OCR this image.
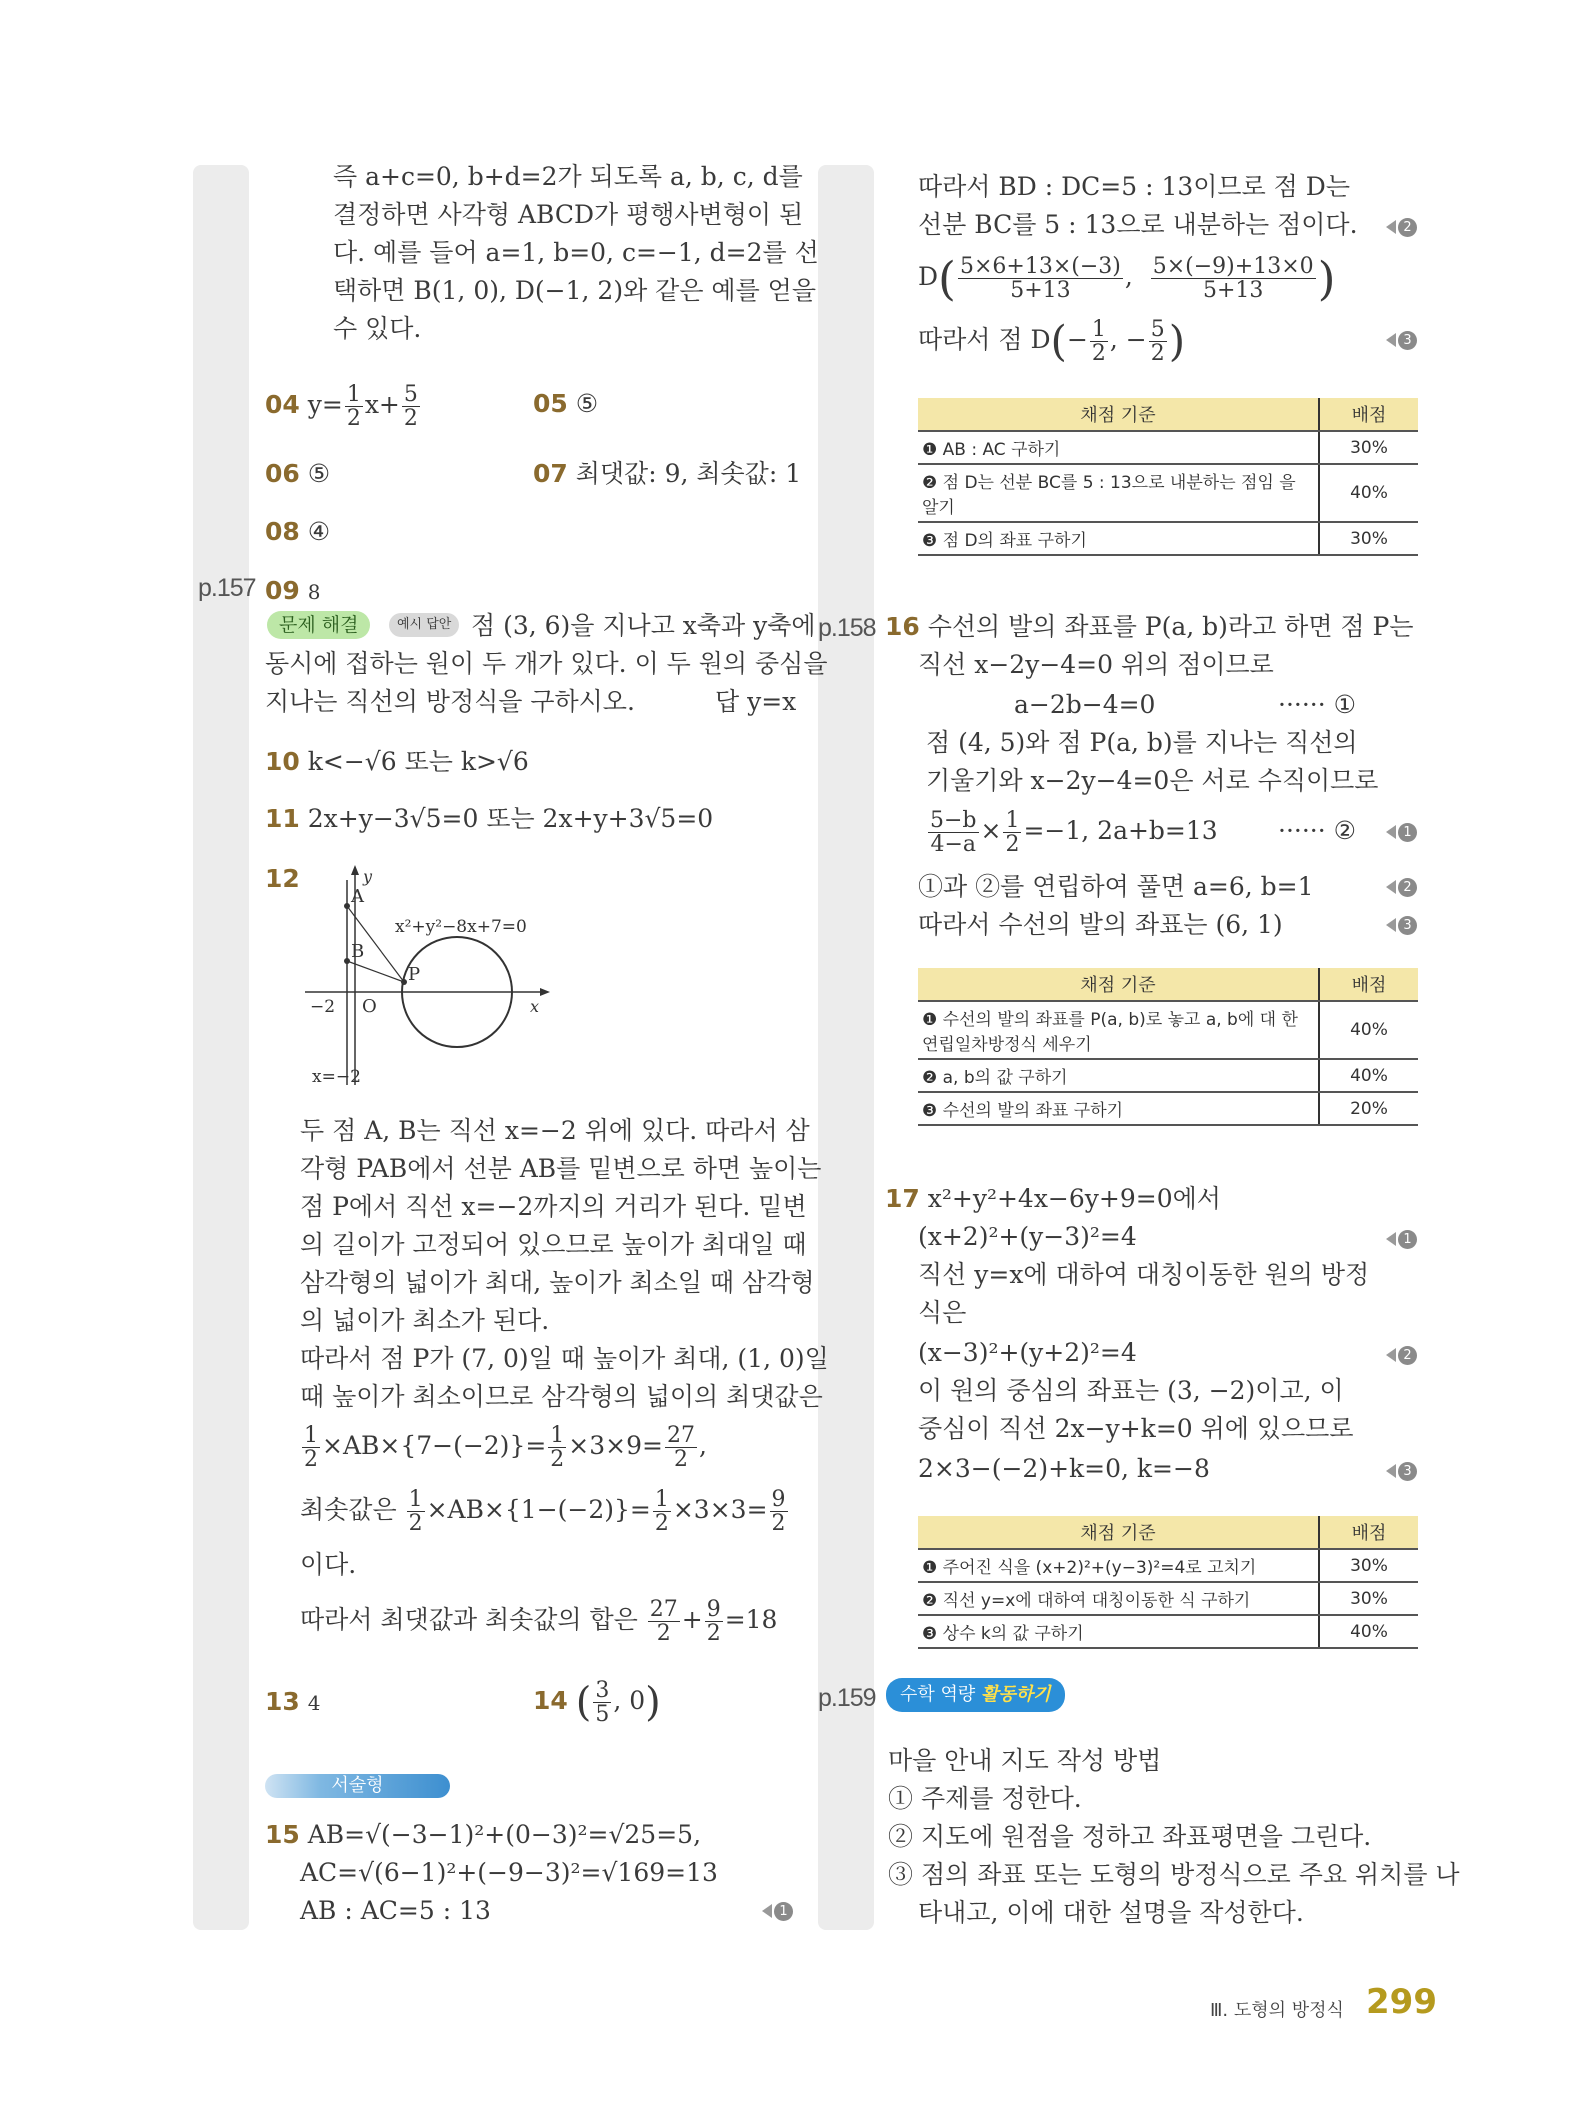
즉 a+c=0, b+d=2가 되도록 a, b, c, d를
결정하면 사각형 ABCD가 평행사변형이 된
다. 예를 들어 a=1, b=0, c=−1, d=2를 선
택하면 B(1, 0), D(−1, 2)와 같은 예를 얻을
수 있다.
04 $y= \frac{1}{2} x+ \frac{5}{2}$	05 ⑤
06 ⑤	07 최댓값: 9, 최솟값: 1
08 ④
p.157 09 8
문제 해결	예시 답안 점 (3, 6)을 지나고 x축과 y축에
동시에 접하는 원이 두 개가 있다. 이 두 원의 중심을
지나는 직선의 방정식을 구하시오.	답 y=x
10 k<−√6 또는 k>√6
11 2x+y−3√5=0 또는 2x+y+3√5=0
12
A
B
P
O
y
x
−2
x²+y²−8x+7=0
x=−2
두 점 A, B는 직선 x=−2 위에 있다. 따라서 삼
각형 PAB에서 선분 AB를 밑변으로 하면 높이는
점 P에서 직선 x=−2까지의 거리가 된다. 밑변
의 길이가 고정되어 있으므로 높이가 최대일 때
삼각형의 넓이가 최대, 높이가 최소일 때 삼각형
의 넓이가 최소가 된다.
따라서 점 P가 (7, 0)일 때 높이가 최대, (1, 0)일
때 높이가 최소이므로 삼각형의 넓이의 최댓값은
$\frac{1}{2} \times AB\times\{7-(-2)\}= \frac{1}{2} \times 3\times 9= \frac{27}{2}$ ,
최솟값은 $\frac{1}{2} \times AB\times\{1-(-2)\}= \frac{1}{2} \times 3\times 3= \frac{9}{2}$
이다.
따라서 최댓값과 최솟값의 합은 $\frac{27}{2} + \frac{9}{2} =18$
13 4	14 ( $\frac{3}{5}$ , 0)
서술형
15 AB=√(−3−1)²+(0−3)²=√25=5,
AC=√(6−1)²+(−9−3)²=√169=13
AB : AC=5 : 13	1
따라서 BD : DC=5 : 13이므로 점 D는
선분 BC를 5 : 13으로 내분하는 점이다.	2
$D( \frac{5\times 6+13\times(-3)}{5+13}$ , $\frac{5\times(-9)+13\times 0}{5+13}$ )
따라서 점 $D(- \frac{1}{2}$ , − $\frac{5}{2}$ )	3
채점 기준	배점
❶ AB : AC 구하기	30%
❷ 점 D는 선분 BC를 5 : 13으로 내분하는 점임 을 알기	40%
❸ 점 D의 좌표 구하기	30%
p.158 16 수선의 발의 좌표를 P(a, b)라고 하면 점 P는
직선 x−2y−4=0 위의 점이므로
a−2b−4=0	······ ①
점 (4, 5)와 점 P(a, b)를 지나는 직선의
기울기와 x−2y−4=0은 서로 수직이므로
$\frac{5-b}{4-a} \times \frac{1}{2} =-1$, 2a+b=13 ······ ②	1
①과 ②를 연립하여 풀면 a=6, b=1	2
따라서 수선의 발의 좌표는 (6, 1)	3
채점 기준	배점
❶ 수선의 발의 좌표를 P(a, b)로 놓고 a, b에 대 한 연립일차방정식 세우기	40%
❷ a, b의 값 구하기	40%
❸ 수선의 발의 좌표 구하기	20%
17 x²+y²+4x−6y+9=0에서
(x+2)²+(y−3)²=4	1
직선 y=x에 대하여 대칭이동한 원의 방정
식은
(x−3)²+(y+2)²=4	2
이 원의 중심의 좌표는 (3, −2)이고, 이
중심이 직선 2x−y+k=0 위에 있으므로
2×3−(−2)+k=0, k=−8	3
채점 기준	배점
❶ 주어진 식을 (x+2)²+(y−3)²=4로 고치기	30%
❷ 직선 y=x에 대하여 대칭이동한 식 구하기	30%
❸ 상수 k의 값 구하기	40%
p.159	수학 역량 활동하기
마을 안내 지도 작성 방법
① 주제를 정한다.
② 지도에 원점을 정하고 좌표평면을 그린다.
③ 점의 좌표 또는 도형의 방정식으로 주요 위치를 나
타내고, 이에 대한 설명을 작성한다.
Ⅲ. 도형의 방정식 299
